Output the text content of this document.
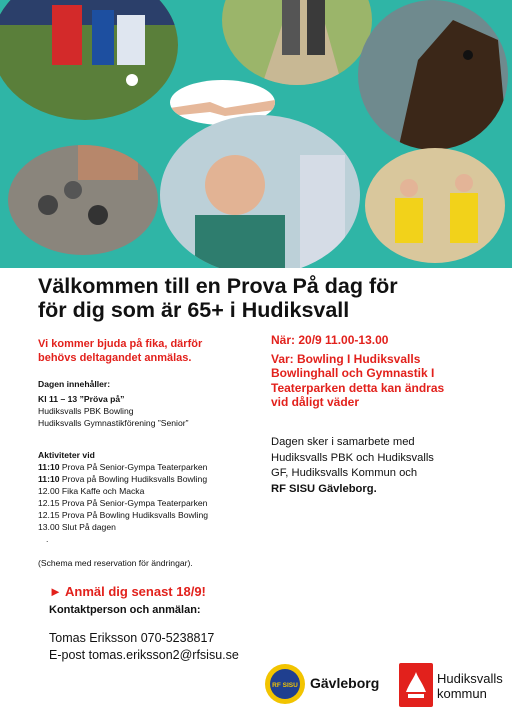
Välkommen till en Prova På dag för
för dig som är 65+ i Hudiksvall
Vi kommer bjuda på fika, därför
behövs deltagandet anmälas.
Dagen innehåller:
Kl 11 – 13 ”Pröva på”
Hudiksvalls PBK Bowling
Hudiksvalls Gymnastikförening ”Senior”
Aktiviteter vid
11:10 Prova På Senior-Gympa Teaterparken
11:10 Prova på Bowling Hudiksvalls Bowling
12.00 Fika Kaffe och Macka
12.15 Prova På Senior-Gympa Teaterparken
12.15 Prova På Bowling Hudiksvalls Bowling
13.00 Slut På dagen
.
(Schema med reservation för ändringar).
När: 20/9 11.00-13.00
Var: Bowling I Hudiksvalls
Bowlinghall och Gymnastik I
Teaterparken detta kan ändras
vid dåligt väder
Dagen sker i samarbete med
Hudiksvalls PBK och Hudiksvalls
GF, Hudiksvalls Kommun och
RF SISU Gävleborg.
► Anmäl dig senast 18/9!
Kontaktperson och anmälan:
Tomas Eriksson 070-5238817
E-post tomas.eriksson2@rfsisu.se
RF SISU Gävleborg	Hudiksvalls
kommun
